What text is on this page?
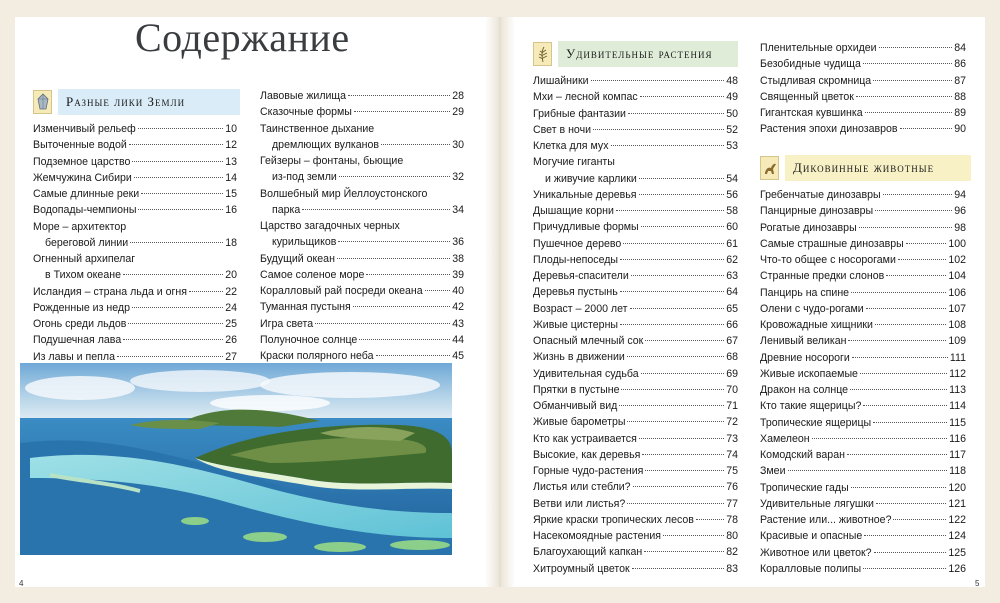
Содержание
Разные лики Земли
Изменчивый рельеф	10
Выточенные водой	12
Подземное царство	13
Жемчужина Сибири	14
Самые длинные реки	15
Водопады-чемпионы	16
Море – архитектор
береговой линии	18
Огненный архипелаг
в Тихом океане	20
Исландия – страна льда и огня	22
Рожденные из недр	24
Огонь среди льдов	25
Подушечная лава	26
Из лавы и пепла	27
Лавовые жилища	28
Сказочные формы	29
Таинственное дыхание
дремлющих вулканов	30
Гейзеры – фонтаны, бьющие
из-под земли	32
Волшебный мир Йеллоустонского
парка	34
Царство загадочных черных
курильщиков	36
Будущий океан	38
Самое соленое море	39
Коралловый рай посреди океана	40
Туманная пустыня	42
Игра света	43
Полуночное солнце	44
Краски полярного неба	45
Удивительные растения
Лишайники	48
Мхи – лесной компас	49
Грибные фантазии	50
Свет в ночи	52
Клетка для мух	53
Могучие гиганты
и живучие карлики	54
Уникальные деревья	56
Дышащие корни	58
Причудливые формы	60
Пушечное дерево	61
Плоды-непоседы	62
Деревья-спасители	63
Деревья пустынь	64
Возраст – 2000 лет	65
Живые цистерны	66
Опасный млечный сок	67
Жизнь в движении	68
Удивительная судьба	69
Прятки в пустыне	70
Обманчивый вид	71
Живые барометры	72
Кто как устраивается	73
Высокие, как деревья	74
Горные чудо-растения	75
Листья или стебли?	76
Ветви или листья?	77
Яркие краски тропических лесов	78
Насекомоядные растения	80
Благоухающий капкан	82
Хитроумный цветок	83
Пленительные орхидеи	84
Безобидные чудища	86
Стыдливая скромница	87
Священный цветок	88
Гигантская кувшинка	89
Растения эпохи динозавров	90
Диковинные животные
Гребенчатые динозавры	94
Панцирные динозавры	96
Рогатые динозавры	98
Самые страшные динозавры	100
Что-то общее с носорогами	102
Странные предки слонов	104
Панцирь на спине	106
Олени с чудо-рогами	107
Кровожадные хищники	108
Ленивый великан	109
Древние носороги	111
Живые ископаемые	112
Дракон на солнце	113
Кто такие ящерицы?	114
Тропические ящерицы	115
Хамелеон	116
Комодский варан	117
Змеи	118
Тропические гады	120
Удивительные лягушки	121
Растение или... животное?	122
Красивые и опасные	124
Животное или цветок?	125
Коралловые полипы	126
4	5
